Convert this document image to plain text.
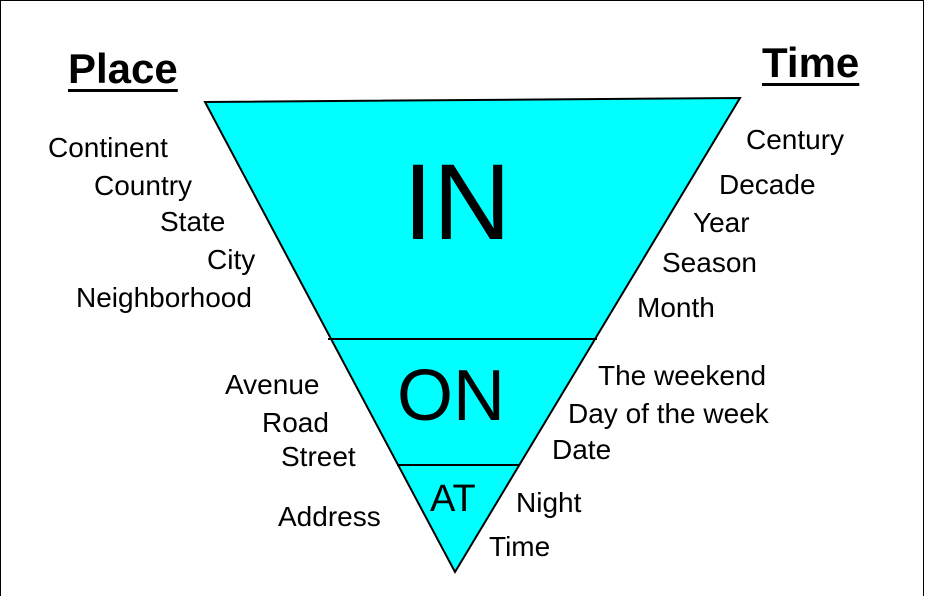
Place	Time
IN
ON
AT
Continent
Country
State
City
Neighborhood
Avenue
Road
Street
Address
Century
Decade
Year
Season
Month
The weekend
Day of the week
Date
Night
Time
